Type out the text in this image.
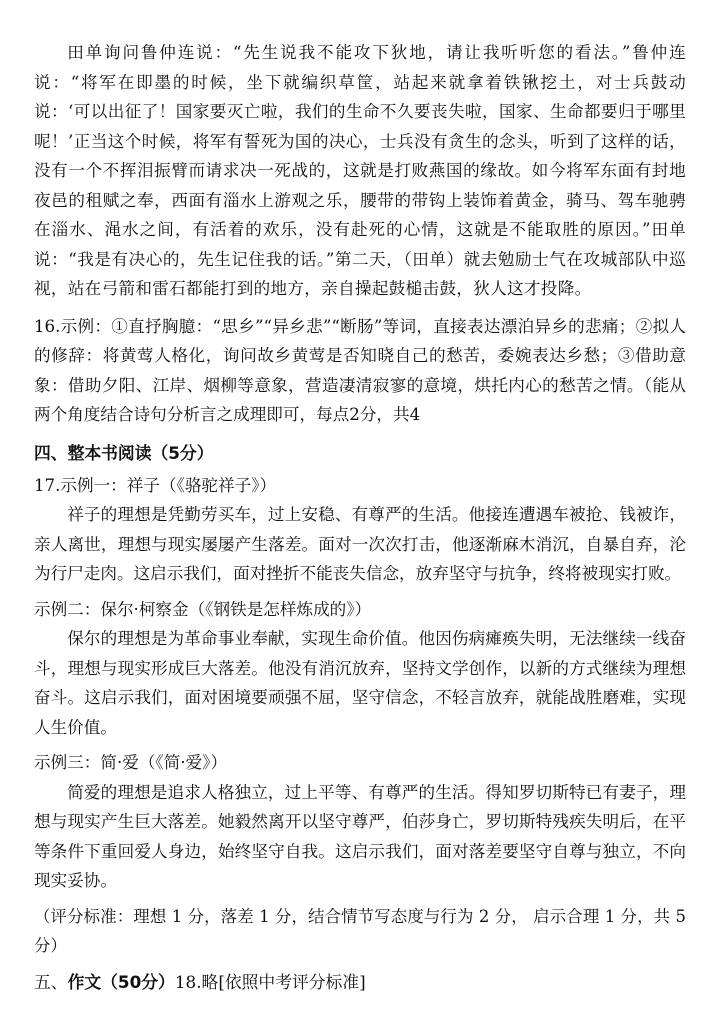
田单询问鲁仲连说：“先生说我不能攻下狄地，请让我听听您的看法。”鲁仲连说：“将军在即墨的时候，坐下就编织草筐，站起来就拿着铁锹挖土，对士兵鼓动说：‘可以出征了！国家要灭亡啦，我们的生命不久要丧失啦，国家、生命都要归于哪里呢！’正当这个时候，将军有誓死为国的决心，士兵没有贪生的念头，听到了这样的话，没有一个不挥泪振臂而请求决一死战的，这就是打败燕国的缘故。如今将军东面有封地夜邑的租赋之奉，西面有淄水上游观之乐，腰带的带钩上装饰着黄金，骑马、驾车驰骋在淄水、渑水之间，有活着的欢乐，没有赴死的心情，这就是不能取胜的原因。”田单说：“我是有决心的，先生记住我的话。”第二天，（田单）就去勉励士气在攻城部队中巡视，站在弓箭和雷石都能打到的地方，亲自操起鼓槌击鼓，狄人这才投降。

16.示例：①直抒胸臆：“思乡”“异乡悲”“断肠”等词，直接表达漂泊异乡的悲痛；②拟人的修辞：将黄莺人格化，询问故乡黄莺是否知晓自己的愁苦，委婉表达乡愁；③借助意象：借助夕阳、江岸、烟柳等意象，营造凄清寂寥的意境，烘托内心的愁苦之情。（能从两个角度结合诗句分析言之成理即可，每点2分，共4

四、整本书阅读（5分）

17.示例一：祥子（《骆驼祥子》）

祥子的理想是凭勤劳买车，过上安稳、有尊严的生活。他接连遭遇车被抢、钱被诈，亲人离世，理想与现实屡屡产生落差。面对一次次打击，他逐渐麻木消沉，自暴自弃，沦为行尸走肉。这启示我们，面对挫折不能丧失信念，放弃坚守与抗争，终将被现实打败。

示例二：保尔·柯察金（《钢铁是怎样炼成的》）

保尔的理想是为革命事业奉献，实现生命价值。他因伤病瘫痪失明，无法继续一线奋斗，理想与现实形成巨大落差。他没有消沉放弃，坚持文学创作，以新的方式继续为理想奋斗。这启示我们，面对困境要顽强不屈，坚守信念，不轻言放弃，就能战胜磨难，实现人生价值。

示例三：简·爱（《简·爱》）

简爱的理想是追求人格独立，过上平等、有尊严的生活。得知罗切斯特已有妻子，理想与现实产生巨大落差。她毅然离开以坚守尊严，伯莎身亡，罗切斯特残疾失明后，在平等条件下重回爱人身边，始终坚守自我。这启示我们，面对落差要坚守自尊与独立，不向现实妥协。

（评分标准：理想 1 分，落差 1 分，结合情节写态度与行为 2 分， 启示合理 1 分，共 5 分）

五、作文（50分）18.略[依照中考评分标准]
